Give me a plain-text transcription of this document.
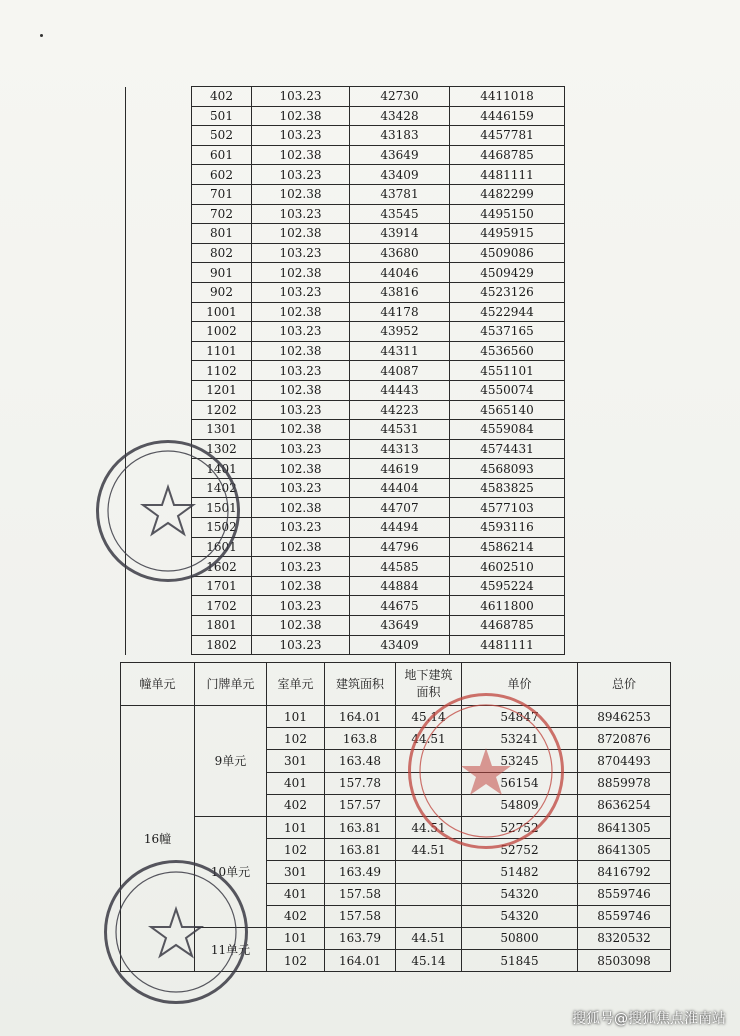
	402	103.23	42730	4411018
	501	102.38	43428	4446159
	502	103.23	43183	4457781
	601	102.38	43649	4468785
	602	103.23	43409	4481111
	701	102.38	43781	4482299
	702	103.23	43545	4495150
	801	102.38	43914	4495915
	802	103.23	43680	4509086
	901	102.38	44046	4509429
	902	103.23	43816	4523126
	1001	102.38	44178	4522944
	1002	103.23	43952	4537165
	1101	102.38	44311	4536560
	1102	103.23	44087	4551101
	1201	102.38	44443	4550074
	1202	103.23	44223	4565140
	1301	102.38	44531	4559084
	1302	103.23	44313	4574431
	1401	102.38	44619	4568093
	1402	103.23	44404	4583825
	1501	102.38	44707	4577103
	1502	103.23	44494	4593116
	1601	102.38	44796	4586214
	1602	103.23	44585	4602510
	1701	102.38	44884	4595224
	1702	103.23	44675	4611800
	1801	102.38	43649	4468785
	1802	103.23	43409	4481111
幢单元	门牌单元	室单元	建筑面积	地下建筑面积	单价	总价
16幢	9单元	101	164.01	45.14	54847	8946253
		102	163.8	44.51	53241	8720876
		301	163.48		53245	8704493
		401	157.78		56154	8859978
		402	157.57		54809	8636254
	10单元	101	163.81	44.51	52752	8641305
		102	163.81	44.51	52752	8641305
		301	163.49		51482	8416792
		401	157.58		54320	8559746
		402	157.58		54320	8559746
	11单元	101	163.79	44.51	50800	8320532
		102	164.01	45.14	51845	8503098
搜狐号@搜狐焦点淮南站
